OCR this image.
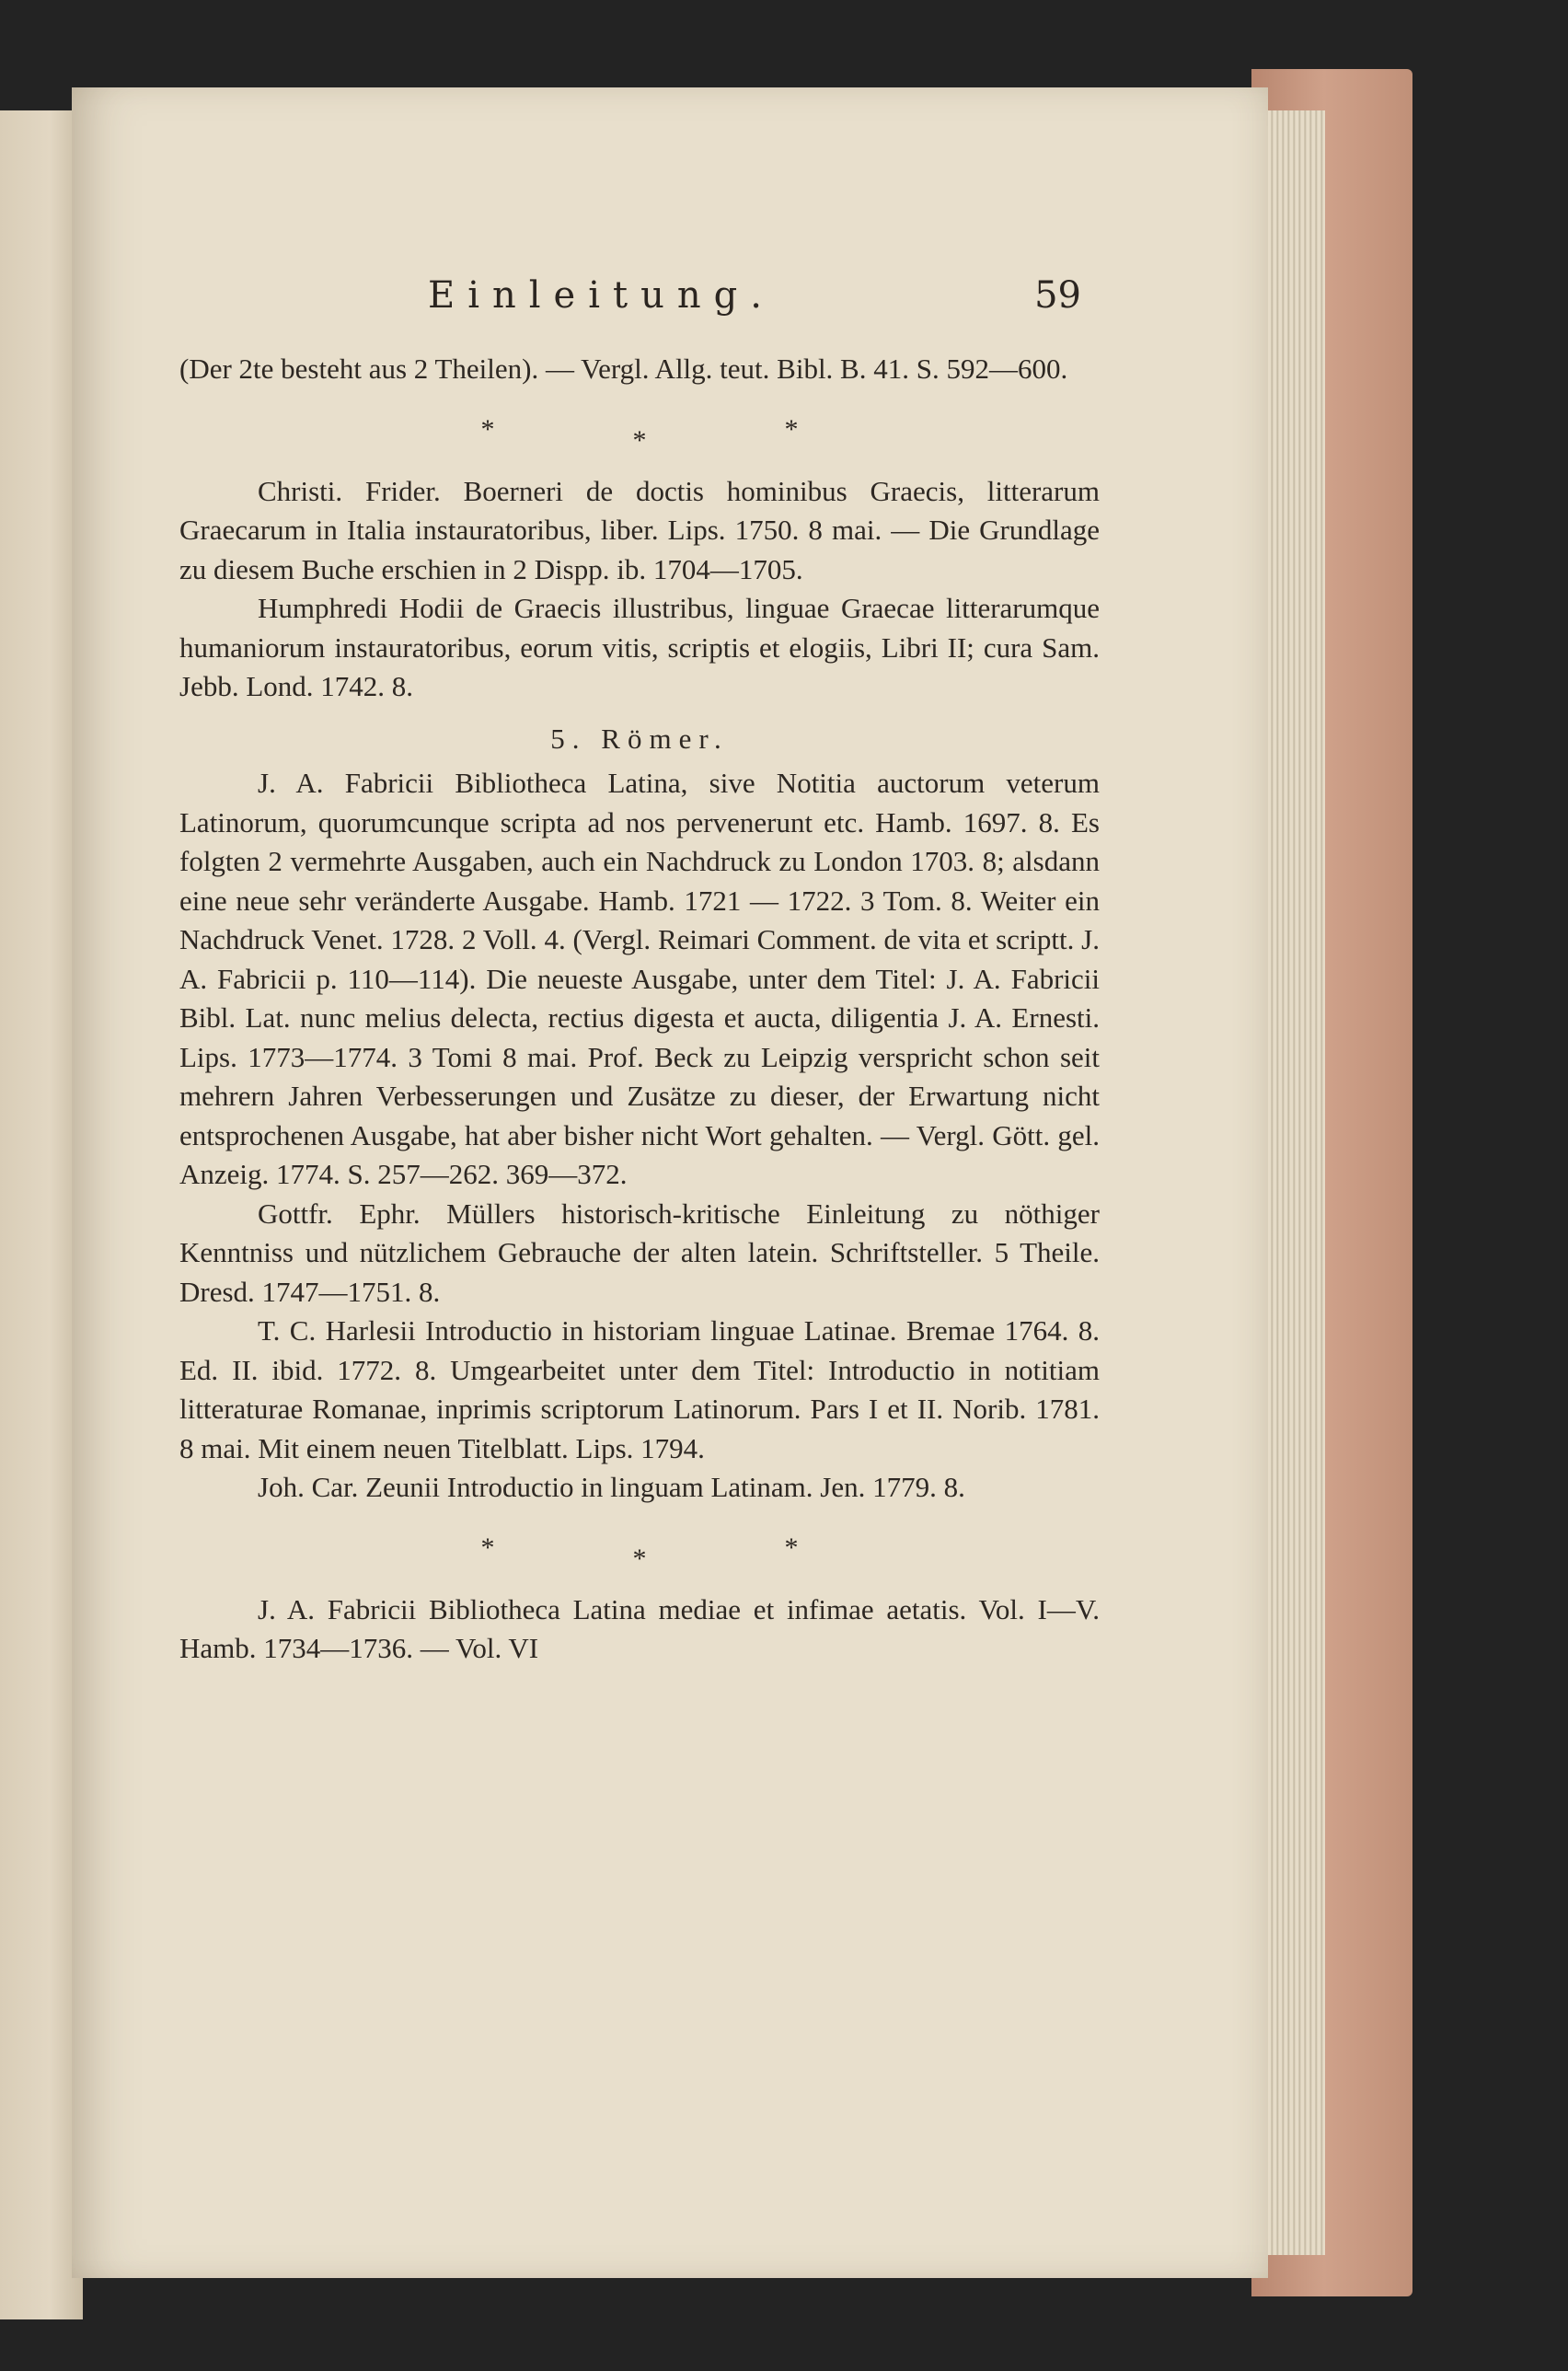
Einleitung.	59

(Der 2te besteht aus 2 Theilen). — Vergl. Allg. teut. Bibl. B. 41. S. 592—600.

*	*	*

Christi. Frider. Boerneri de doctis hominibus Graecis, litterarum Graecarum in Italia instauratoribus, liber. Lips. 1750. 8 mai. — Die Grundlage zu diesem Buche erschien in 2 Dispp. ib. 1704—1705.

Humphredi Hodii de Graecis illustribus, linguae Graecae litterarumque humaniorum instauratoribus, eorum vitis, scriptis et elogiis, Libri II; cura Sam. Jebb. Lond. 1742. 8.

5. Römer.

J. A. Fabricii Bibliotheca Latina, sive Notitia auctorum veterum Latinorum, quorumcunque scripta ad nos pervenerunt etc. Hamb. 1697. 8. Es folgten 2 vermehrte Ausgaben, auch ein Nachdruck zu London 1703. 8; alsdann eine neue sehr veränderte Ausgabe. Hamb. 1721 — 1722. 3 Tom. 8. Weiter ein Nachdruck Venet. 1728. 2 Voll. 4. (Vergl. Reimari Comment. de vita et scriptt. J. A. Fabricii p. 110—114). Die neueste Ausgabe, unter dem Titel: J. A. Fabricii Bibl. Lat. nunc melius delecta, rectius digesta et aucta, diligentia J. A. Ernesti. Lips. 1773—1774. 3 Tomi 8 mai. Prof. Beck zu Leipzig verspricht schon seit mehrern Jahren Verbesserungen und Zusätze zu dieser, der Erwartung nicht entsprochenen Ausgabe, hat aber bisher nicht Wort gehalten. — Vergl. Gött. gel. Anzeig. 1774. S. 257—262. 369—372.

Gottfr. Ephr. Müllers historisch-kritische Einleitung zu nöthiger Kenntniss und nützlichem Gebrauche der alten latein. Schriftsteller. 5 Theile. Dresd. 1747—1751. 8.

T. C. Harlesii Introductio in historiam linguae Latinae. Bremae 1764. 8. Ed. II. ibid. 1772. 8. Umgearbeitet unter dem Titel: Introductio in notitiam litteraturae Romanae, inprimis scriptorum Latinorum. Pars I et II. Norib. 1781. 8 mai. Mit einem neuen Titelblatt. Lips. 1794.

Joh. Car. Zeunii Introductio in linguam Latinam. Jen. 1779. 8.

*	*	*

J. A. Fabricii Bibliotheca Latina mediae et infimae aetatis. Vol. I—V. Hamb. 1734—1736. — Vol. VI
